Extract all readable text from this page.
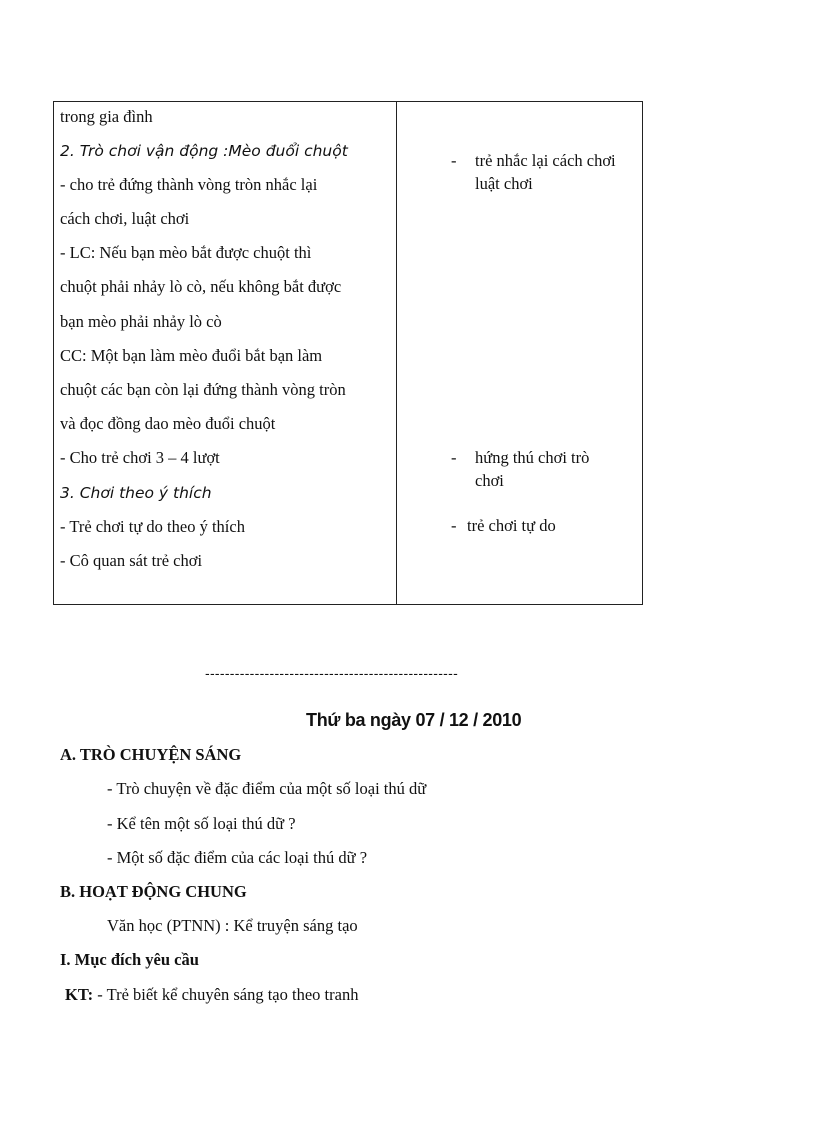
trong gia đình
2. Trò chơi vận động :Mèo đuổi chuột
- cho trẻ đứng thành vòng tròn nhắc lại
cách chơi, luật chơi
- LC: Nếu bạn mèo bắt được chuột thì
chuột phải nhảy lò cò, nếu không bắt được
bạn mèo phải nhảy lò cò
CC: Một bạn làm mèo đuổi bắt bạn làm
chuột các bạn còn lại đứng thành vòng tròn
và đọc đồng dao mèo đuổi chuột
- Cho trẻ chơi 3 – 4 lượt
3. Chơi theo ý thích
- Trẻ chơi tự do theo ý thích
- Cô quan sát trẻ chơi
- trẻ nhắc lại cách chơi
luật chơi
- hứng thú chơi trò
chơi
- trẻ chơi tự do
---------------------------------------------------
Thứ ba ngày 07 / 12 / 2010
A. TRÒ CHUYỆN SÁNG
- Trò chuyện về đặc điểm của một số loại thú dữ
- Kể tên một số loại thú dữ ?
- Một số đặc điểm của các loại thú dữ ?
B. HOẠT ĐỘNG CHUNG
Văn học (PTNN) : Kể truyện sáng tạo
I. Mục đích yêu cầu
KT: - Trẻ biết kể chuyên sáng tạo theo tranh
